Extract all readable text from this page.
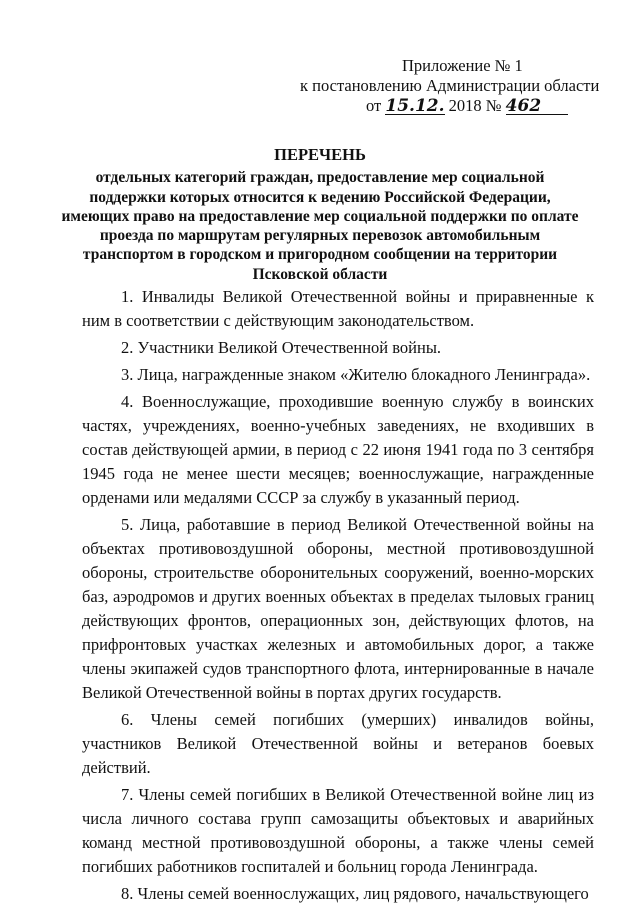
Приложение № 1
к постановлению Администрации области
от 15.12. 2018 № 462
ПЕРЕЧЕНЬ
отдельных категорий граждан, предоставление мер социальной
поддержки которых относится к ведению Российской Федерации,
имеющих право на предоставление мер социальной поддержки по оплате
проезда по маршрутам регулярных перевозок автомобильным
транспортом в городском и пригородном сообщении на территории
Псковской области

1. Инвалиды Великой Отечественной войны и приравненные к ним в соответствии с действующим законодательством.

2. Участники Великой Отечественной войны.

3. Лица, награжденные знаком «Жителю блокадного Ленинграда».

4. Военнослужащие, проходившие военную службу в воинских частях, учреждениях, военно-учебных заведениях, не входивших в состав действующей армии, в период с 22 июня 1941 года по 3 сентября 1945 года не менее шести месяцев; военнослужащие, награжденные орденами или медалями СССР за службу в указанный период.

5. Лица, работавшие в период Великой Отечественной войны на объектах противовоздушной обороны, местной противовоздушной обороны, строительстве оборонительных сооружений, военно-морских баз, аэродромов и других военных объектах в пределах тыловых границ действующих фронтов, операционных зон, действующих флотов, на прифронтовых участках железных и автомобильных дорог, а также члены экипажей судов транспортного флота, интернированные в начале Великой Отечественной войны в портах других государств.

6. Члены семей погибших (умерших) инвалидов войны, участников Великой Отечественной войны и ветеранов боевых действий.

7. Члены семей погибших в Великой Отечественной войне лиц из числа личного состава групп самозащиты объектовых и аварийных команд местной противовоздушной обороны, а также члены семей погибших работников госпиталей и больниц города Ленинграда.

8. Члены семей военнослужащих, лиц рядового, начальствующего
